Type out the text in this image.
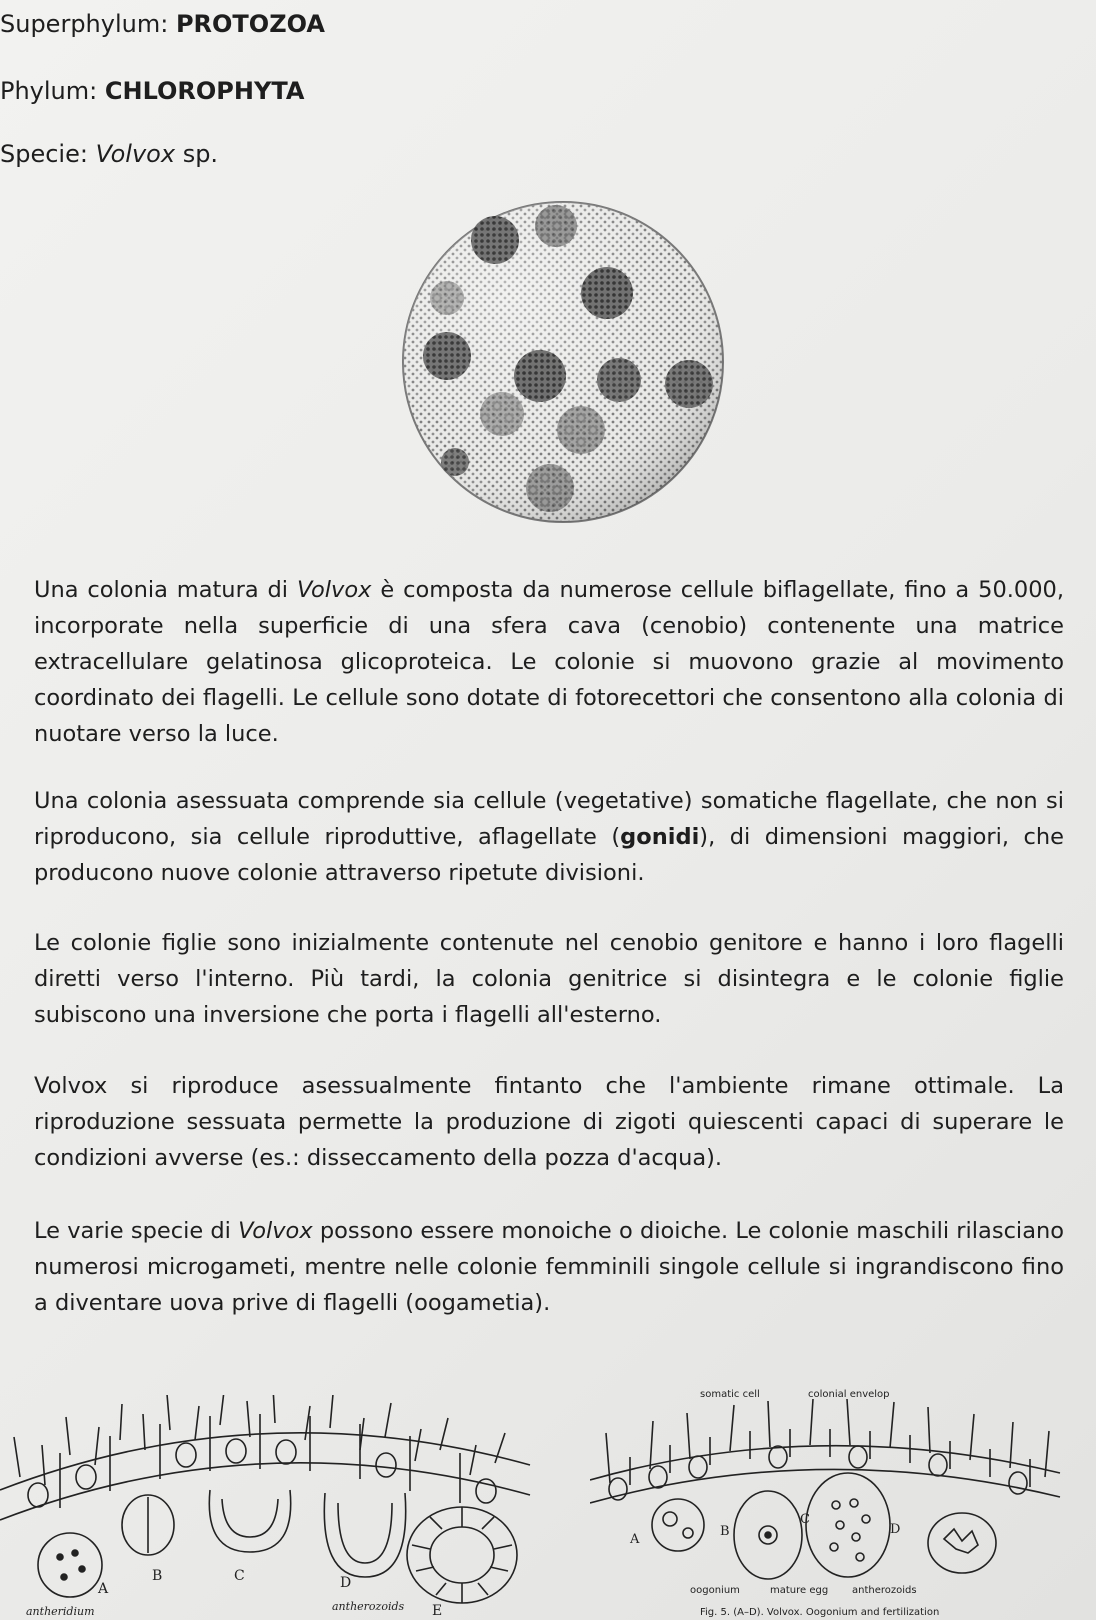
Superphylum: PROTOZOA
Phylum: CHLOROPHYTA
Specie: Volvox sp.
Una colonia matura di Volvox è composta da numerose cellule biflagellate, fino a 50.000, incorporate nella superficie di una sfera cava (cenobio) contenente una matrice extracellulare gelatinosa glicoproteica. Le colonie si muovono grazie al movimento coordinato dei flagelli. Le cellule sono dotate di fotorecettori che consentono alla colonia di nuotare verso la luce.
Una colonia asessuata comprende sia cellule (vegetative) somatiche flagellate, che non si riproducono, sia cellule riproduttive, aflagellate (gonidi), di dimensioni maggiori, che producono nuove colonie attraverso ripetute divisioni.
Le colonie figlie sono inizialmente contenute nel cenobio genitore e hanno i loro flagelli diretti verso l'interno. Più tardi, la colonia genitrice si disintegra e le colonie figlie subiscono una inversione che porta i flagelli all'esterno.
Volvox si riproduce asessualmente fintanto che l'ambiente rimane ottimale. La riproduzione sessuata permette la produzione di zigoti quiescenti capaci di superare le condizioni avverse (es.: disseccamento della pozza d'acqua).
Le varie specie di Volvox possono essere monoiche o dioiche. Le colonie maschili rilasciano numerosi microgameti, mentre nelle colonie femminili singole cellule si ingrandiscono fino a diventare uova prive di flagelli (oogametia).
A
B	C	D
E
antheridium	antherozoids
A
B
C
D
somatic cell	colonial envelop
oogonium	mature egg antherozoids
Fig. 5. (A–D). Volvox. Oogonium and fertilization
